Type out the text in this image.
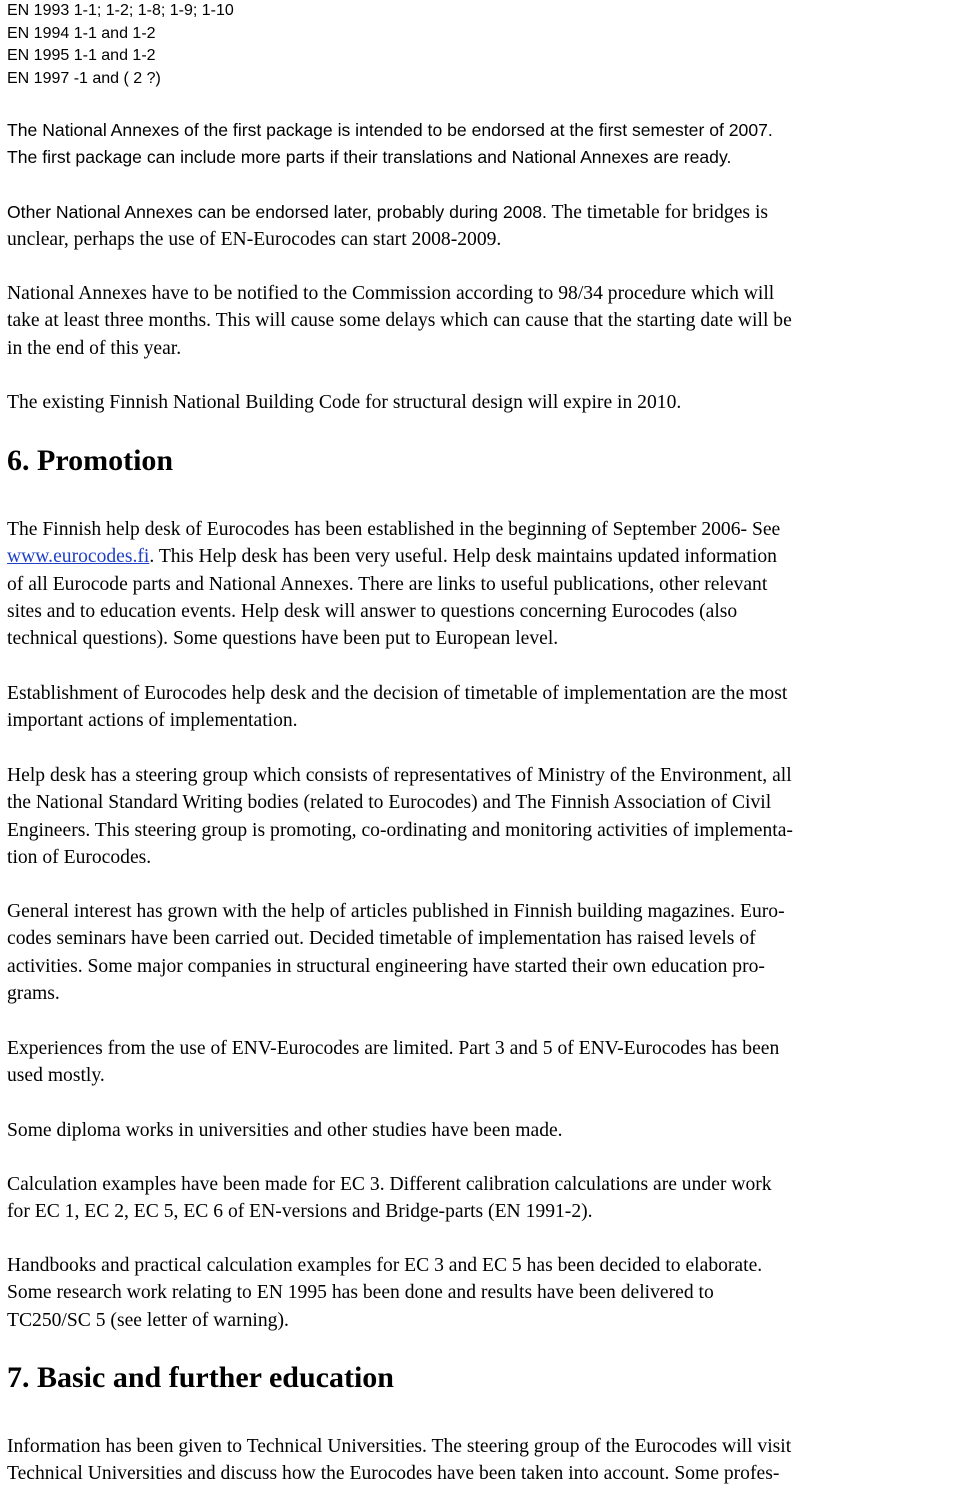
EN 1993 1-1; 1-2; 1-8; 1-9; 1-10
EN 1994 1-1 and 1-2
EN 1995 1-1 and 1-2
EN 1997 -1 and ( 2 ?)

The National Annexes of the first package is intended to be endorsed at the first semester of 2007.
The first package can include more parts if their translations and National Annexes are ready.

Other National Annexes can be endorsed later, probably during 2008. The timetable for bridges is
unclear, perhaps the use of EN-Eurocodes can start 2008-2009.

National Annexes have to be notified to the Commission according to 98/34 procedure which will
take at least three months. This will cause some delays which can cause that the starting date will be
in the end of this year.

The existing Finnish National Building Code for structural design will expire in 2010.

6. Promotion

The Finnish help desk of Eurocodes has been established in the beginning of September 2006- See
www.eurocodes.fi. This Help desk has been very useful. Help desk maintains updated information
of all Eurocode parts and National Annexes. There are links to useful publications, other relevant
sites and to education events. Help desk will answer to questions concerning Eurocodes (also
technical questions). Some questions have been put to European level.

Establishment of Eurocodes help desk and the decision of timetable of implementation are the most
important actions of implementation.

Help desk has a steering group which consists of representatives of Ministry of the Environment, all
the National Standard Writing bodies (related to Eurocodes) and The Finnish Association of Civil
Engineers. This steering group is promoting, co-ordinating and monitoring activities of implementa-
tion of Eurocodes.

General interest has grown with the help of articles published in Finnish building magazines. Euro-
codes seminars have been carried out. Decided timetable of implementation has raised levels of
activities. Some major companies in structural engineering have started their own education pro-
grams.

Experiences from the use of ENV-Eurocodes are limited. Part 3 and 5 of ENV-Eurocodes has been
used mostly.

Some diploma works in universities and other studies have been made.

Calculation examples have been made for EC 3. Different calibration calculations are under work
for EC 1, EC 2, EC 5, EC 6 of EN-versions and Bridge-parts (EN 1991-2).

Handbooks and practical calculation examples for EC 3 and EC 5 has been decided to elaborate.
Some research work relating to EN 1995 has been done and results have been delivered to
TC250/SC 5 (see letter of warning).

7. Basic and further education

Information has been given to Technical Universities. The steering group of the Eurocodes will visit
Technical Universities and discuss how the Eurocodes have been taken into account. Some profes-
